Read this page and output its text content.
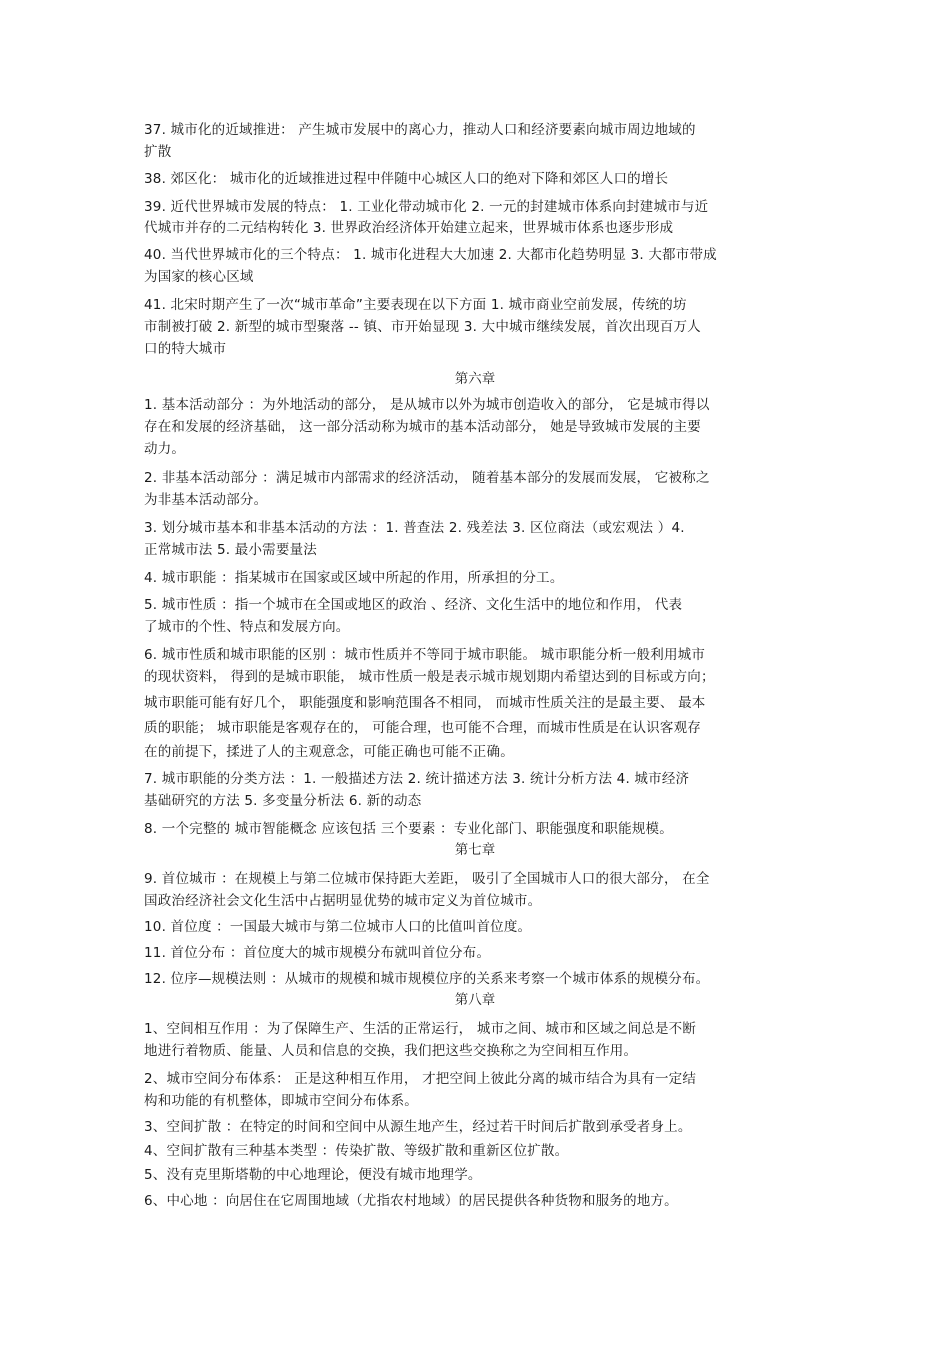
37. 城市化的近域推进： 产生城市发展中的离心力，推动人口和经济要素向城市周边地域的
扩散
38. 郊区化： 城市化的近域推进过程中伴随中心城区人口的绝对下降和郊区人口的增长
39. 近代世界城市发展的特点： 1. 工业化带动城市化 2. 一元的封建城市体系向封建城市与近
代城市并存的二元结构转化 3. 世界政治经济体开始建立起来，世界城市体系也逐步形成
40. 当代世界城市化的三个特点： 1. 城市化进程大大加速 2. 大都市化趋势明显 3. 大都市带成
为国家的核心区域
41. 北宋时期产生了一次“城市革命”主要表现在以下方面 1. 城市商业空前发展，传统的坊
市制被打破 2. 新型的城市型聚落 -- 镇、市开始显现 3. 大中城市继续发展，首次出现百万人
口的特大城市
第六章
1. 基本活动部分 ：为外地活动的部分， 是从城市以外为城市创造收入的部分， 它是城市得以
存在和发展的经济基础， 这一部分活动称为城市的基本活动部分， 她是导致城市发展的主要
动力。
2. 非基本活动部分 ：满足城市内部需求的经济活动， 随着基本部分的发展而发展， 它被称之
为非基本活动部分。
3. 划分城市基本和非基本活动的方法 ：1. 普查法 2. 残差法 3. 区位商法（或宏观法 ）4.
正常城市法 5. 最小需要量法
4. 城市职能 ：指某城市在国家或区域中所起的作用，所承担的分工。
5. 城市性质 ：指一个城市在全国或地区的政治 、经济、文化生活中的地位和作用， 代表
了城市的个性、特点和发展方向。
6. 城市性质和城市职能的区别 ：城市性质并不等同于城市职能。 城市职能分析一般利用城市
的现状资料， 得到的是城市职能， 城市性质一般是表示城市规划期内希望达到的目标或方向；
城市职能可能有好几个， 职能强度和影响范围各不相同， 而城市性质关注的是最主要、 最本
质的职能； 城市职能是客观存在的， 可能合理，也可能不合理，而城市性质是在认识客观存
在的前提下，揉进了人的主观意念，可能正确也可能不正确。
7. 城市职能的分类方法 ：1. 一般描述方法 2. 统计描述方法 3. 统计分析方法 4. 城市经济
基础研究的方法 5. 多变量分析法 6. 新的动态
8. 一个完整的 城市智能概念 应该包括 三个要素 ：专业化部门、职能强度和职能规模。
第七章
9. 首位城市 ：在规模上与第二位城市保持距大差距， 吸引了全国城市人口的很大部分， 在全
国政治经济社会文化生活中占据明显优势的城市定义为首位城市。
10. 首位度 ：一国最大城市与第二位城市人口的比值叫首位度。
11. 首位分布 ：首位度大的城市规模分布就叫首位分布。
12. 位序—规模法则 ：从城市的规模和城市规模位序的关系来考察一个城市体系的规模分布。
第八章
1、空间相互作用 ：为了保障生产、生活的正常运行， 城市之间、城市和区域之间总是不断
地进行着物质、能量、人员和信息的交换，我们把这些交换称之为空间相互作用。
2、城市空间分布体系： 正是这种相互作用， 才把空间上彼此分离的城市结合为具有一定结
构和功能的有机整体，即城市空间分布体系。
3、空间扩散 ：在特定的时间和空间中从源生地产生，经过若干时间后扩散到承受者身上。
4、空间扩散有三种基本类型 ：传染扩散、等级扩散和重新区位扩散。
5、没有克里斯塔勒的中心地理论，便没有城市地理学。
6、中心地 ：向居住在它周围地域（尤指农村地域）的居民提供各种货物和服务的地方。
